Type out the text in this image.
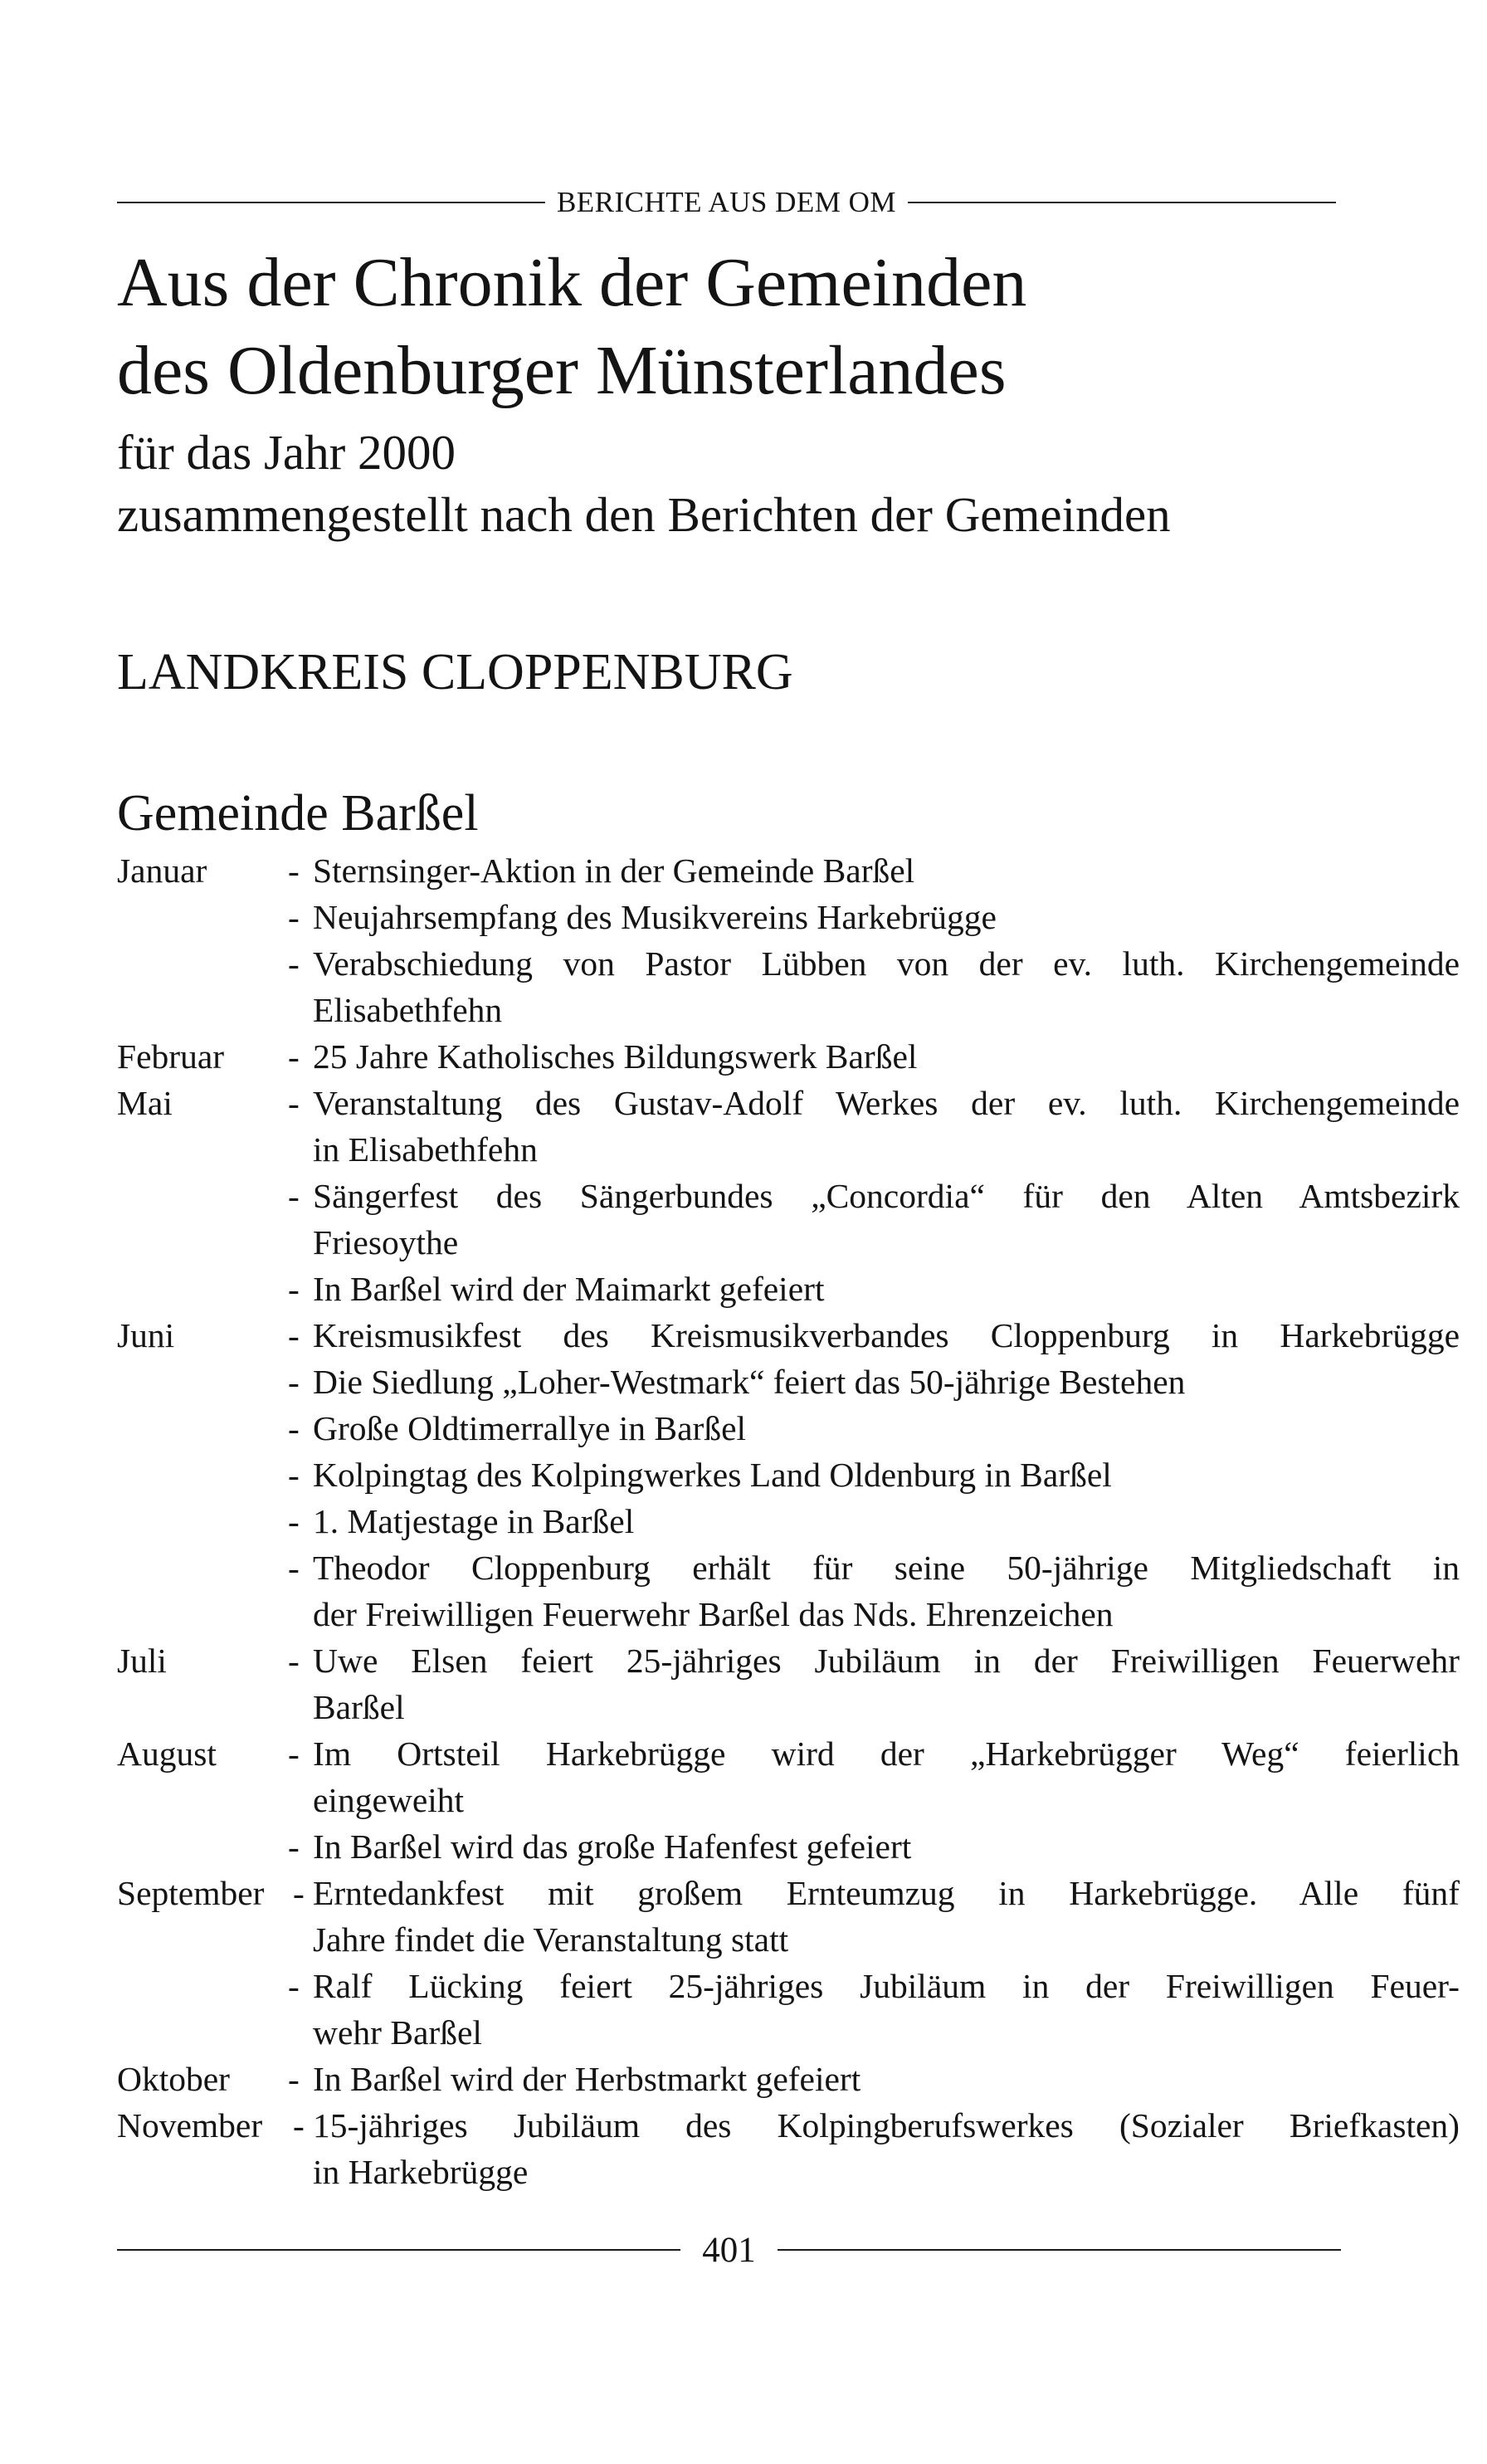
BERICHTE AUS DEM OM
Aus der Chronik der Gemeinden
des Oldenburger Münsterlandes
für das Jahr 2000
zusammengestellt nach den Berichten der Gemeinden
LANDKREIS CLOPPENBURG
Gemeinde Barßel
Januar - Sternsinger-Aktion in der Gemeinde Barßel
- Neujahrsempfang des Musikvereins Harkebrügge
- Verabschiedung von Pastor Lübben von der ev. luth. Kirchengemeinde
Elisabethfehn
Februar - 25 Jahre Katholisches Bildungswerk Barßel
Mai	- Veranstaltung des Gustav-Adolf Werkes der ev. luth. Kirchengemeinde
in Elisabethfehn
- Sängerfest des Sängerbundes „Concordia“ für den Alten Amtsbezirk
Friesoythe
- In Barßel wird der Maimarkt gefeiert
Juni	- Kreismusikfest des Kreismusikverbandes Cloppenburg in Harkebrügge
- Die Siedlung „Loher-Westmark“ feiert das 50-jährige Bestehen
- Große Oldtimerrallye in Barßel
- Kolpingtag des Kolpingwerkes Land Oldenburg in Barßel
- 1. Matjestage in Barßel
- Theodor Cloppenburg erhält für seine 50-jährige Mitgliedschaft in
der Freiwilligen Feuerwehr Barßel das Nds. Ehrenzeichen
Juli	- Uwe Elsen feiert 25-jähriges Jubiläum in der Freiwilligen Feuerwehr
Barßel
August - Im Ortsteil Harkebrügge wird der „Harkebrügger Weg“ feierlich
eingeweiht
- In Barßel wird das große Hafenfest gefeiert
September - Erntedankfest mit großem Ernteumzug in Harkebrügge. Alle fünf
Jahre findet die Veranstaltung statt
- Ralf Lücking feiert 25-jähriges Jubiläum in der Freiwilligen Feuer-
wehr Barßel
Oktober - In Barßel wird der Herbstmarkt gefeiert
November - 15-jähriges Jubiläum des Kolpingberufswerkes (Sozialer Briefkasten)
in Harkebrügge
401
